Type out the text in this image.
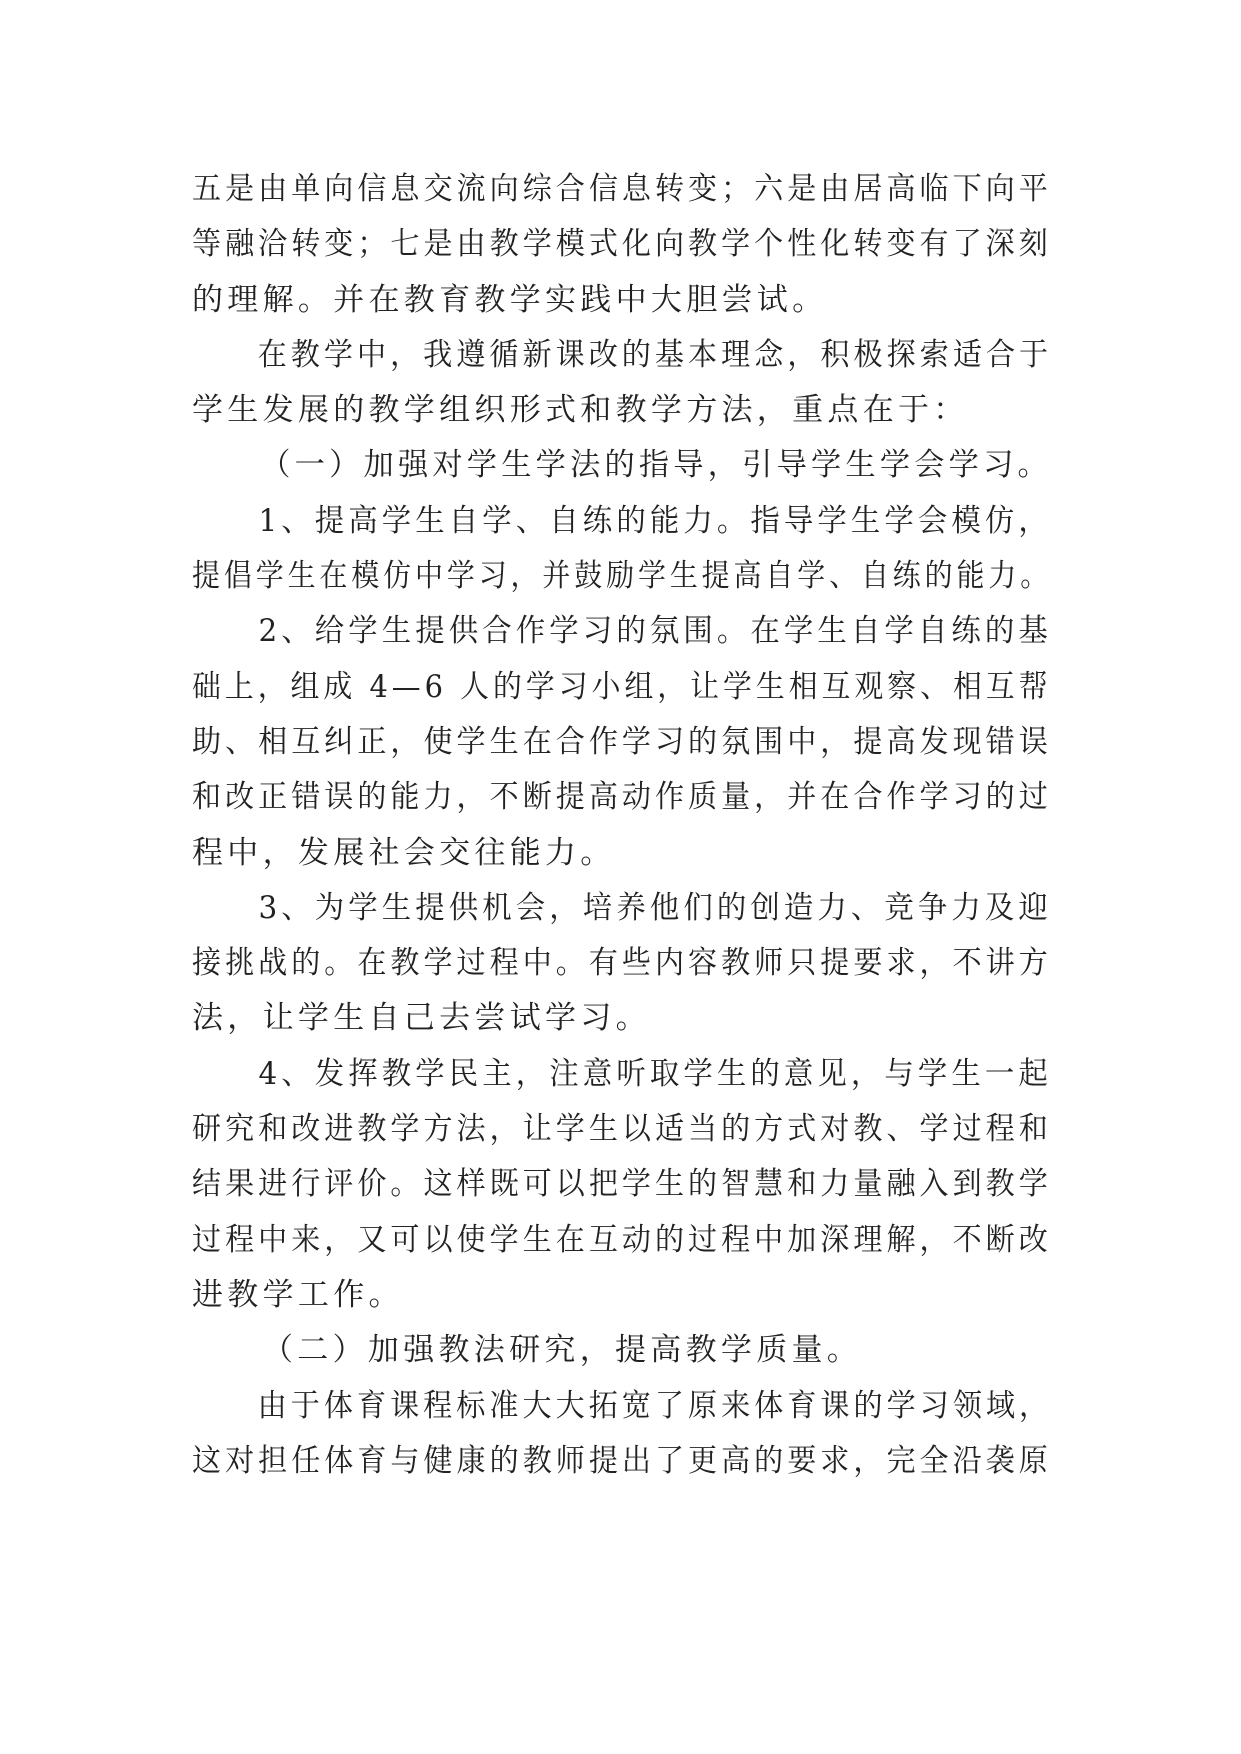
五是由单向信息交流向综合信息转变；六是由居高临下向平
等融洽转变；七是由教学模式化向教学个性化转变有了深刻
的理解。并在教育教学实践中大胆尝试。
在教学中，我遵循新课改的基本理念，积极探索适合于
学生发展的教学组织形式和教学方法，重点在于：
（一）加强对学生学法的指导，引导学生学会学习。
1、提高学生自学、自练的能力。指导学生学会模仿，
提倡学生在模仿中学习，并鼓励学生提高自学、自练的能力。
2、给学生提供合作学习的氛围。在学生自学自练的基
础上，组成 4—6 人的学习小组，让学生相互观察、相互帮
助、相互纠正，使学生在合作学习的氛围中，提高发现错误
和改正错误的能力，不断提高动作质量，并在合作学习的过
程中，发展社会交往能力。
3、为学生提供机会，培养他们的创造力、竞争力及迎
接挑战的。在教学过程中。有些内容教师只提要求，不讲方
法，让学生自己去尝试学习。
4、发挥教学民主，注意听取学生的意见，与学生一起
研究和改进教学方法，让学生以适当的方式对教、学过程和
结果进行评价。这样既可以把学生的智慧和力量融入到教学
过程中来，又可以使学生在互动的过程中加深理解，不断改
进教学工作。
（二）加强教法研究，提高教学质量。
由于体育课程标准大大拓宽了原来体育课的学习领域，
这对担任体育与健康的教师提出了更高的要求，完全沿袭原
